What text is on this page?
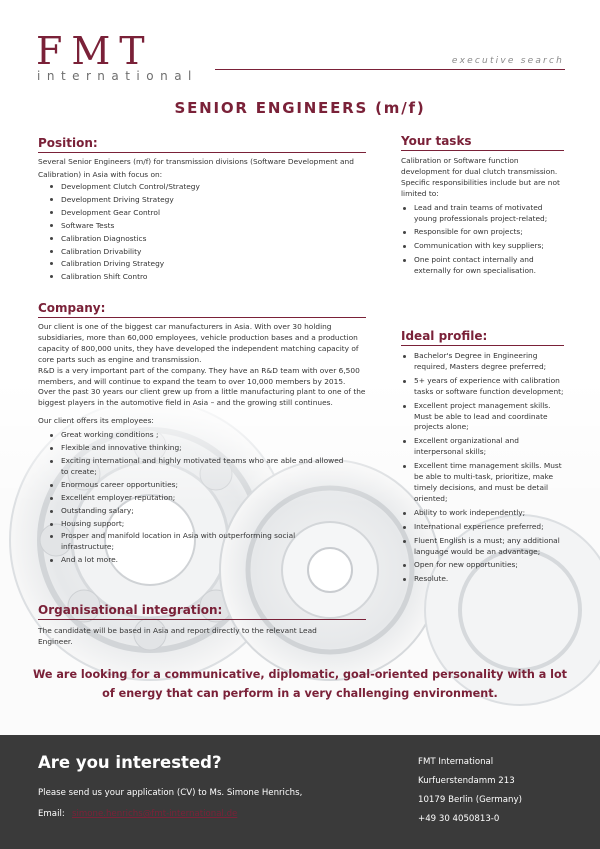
FMT
international
executive search
SENIOR ENGINEERS (m/f)
Position:

Several Senior Engineers (m/f) for transmission divisions (Software Development and Calibration) in Asia with focus on:

Development Clutch Control/Strategy
Development Driving Strategy
Development Gear Control
Software Tests
Calibration Diagnostics
Calibration Drivability
Calibration Driving Strategy
Calibration Shift Contro
Company:

Our client is one of the biggest car manufacturers in Asia. With over 30 holding subsidiaries, more than 60,000 employees, vehicle production bases and a production capacity of 800,000 units, they have developed the independent matching capacity of core parts such as engine and transmission.

R&D is a very important part of the company. They have an R&D team with over 6,500 members, and will continue to expand the team to over 10,000 members by 2015.

Over the past 30 years our client grew up from a little manufacturing plant to one of the biggest players in the automotive field in Asia – and the growing still continues.

Our client offers its employees:

Great working conditions ;
Flexible and innovative thinking;
Exciting international and highly motivated teams who are able and allowed to create;
Enormous career opportunities;
Excellent employer reputation;
Outstanding salary;
Housing support;
Prosper and manifold location in Asia with outperforming social infrastructure;
And a lot more.
Organisational integration:
The candidate will be based in Asia and report directly to the relevant Lead Engineer.
Your tasks

Calibration or Software function development for dual clutch transmission.

Specific responsibilities include but are not limited to:

Lead and train teams of motivated young professionals project-related;
Responsible for own projects;
Communication with key suppliers;
One point contact internally and externally for own specialisation.
Ideal profile:
Bachelor's Degree in Engineering required, Masters degree preferred;
5+ years of experience with calibration tasks or software function development;
Excellent project management skills. Must be able to lead and coordinate projects alone;
Excellent organizational and interpersonal skills;
Excellent time management skills. Must be able to multi-task, prioritize, make timely decisions, and must be detail oriented;
Ability to work independently;
International experience preferred;
Fluent English is a must; any additional language would be an advantage;
Open for new opportunities;
Resolute.
We are looking for a communicative, diplomatic, goal-oriented personality with a lot of energy that can perform in a very challenging environment.
Are you interested?
Please send us your application (CV) to Ms. Simone Henrichs,
Email: simone.henrichs@fmt-international.de
FMT International
Kurfuerstendamm 213
10179 Berlin (Germany)
+49 30 4050813-0
